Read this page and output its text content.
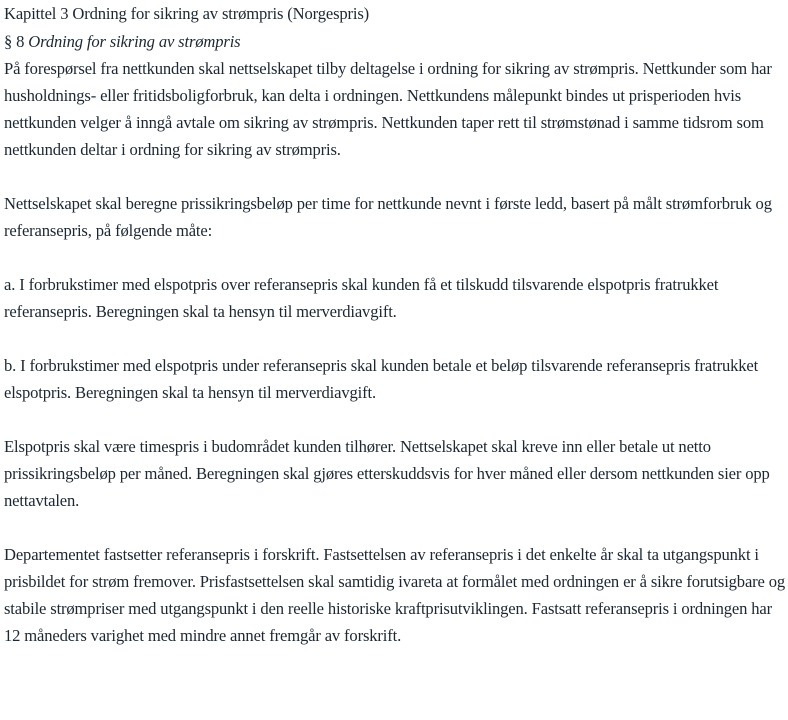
Kapittel 3 Ordning for sikring av strømpris (Norgespris)
§ 8 Ordning for sikring av strømpris

På forespørsel fra nettkunden skal nettselskapet tilby deltagelse i ordning for sikring av strømpris. Nettkunder som har husholdnings- eller fritidsboligforbruk, kan delta i ordningen. Nettkundens målepunkt bindes ut prisperioden hvis nettkunden velger å inngå avtale om sikring av strømpris. Nettkunden taper rett til strømstønad i samme tidsrom som nettkunden deltar i ordning for sikring av strømpris.

Nettselskapet skal beregne prissikringsbeløp per time for nettkunde nevnt i første ledd, basert på målt strømforbruk og referansepris, på følgende måte:

a. I forbrukstimer med elspotpris over referansepris skal kunden få et tilskudd tilsvarende elspotpris fratrukket referansepris. Beregningen skal ta hensyn til merverdiavgift.

b. I forbrukstimer med elspotpris under referansepris skal kunden betale et beløp tilsvarende referansepris fratrukket elspotpris. Beregningen skal ta hensyn til merverdiavgift.

Elspotpris skal være timespris i budområdet kunden tilhører. Nettselskapet skal kreve inn eller betale ut netto prissikringsbeløp per måned. Beregningen skal gjøres etterskuddsvis for hver måned eller dersom nettkunden sier opp nettavtalen.

Departementet fastsetter referansepris i forskrift. Fastsettelsen av referansepris i det enkelte år skal ta utgangspunkt i prisbildet for strøm fremover. Prisfastsettelsen skal samtidig ivareta at formålet med ordningen er å sikre forutsigbare og stabile strømpriser med utgangspunkt i den reelle historiske kraftprisutviklingen. Fastsatt referansepris i ordningen har 12 måneders varighet med mindre annet fremgår av forskrift.
